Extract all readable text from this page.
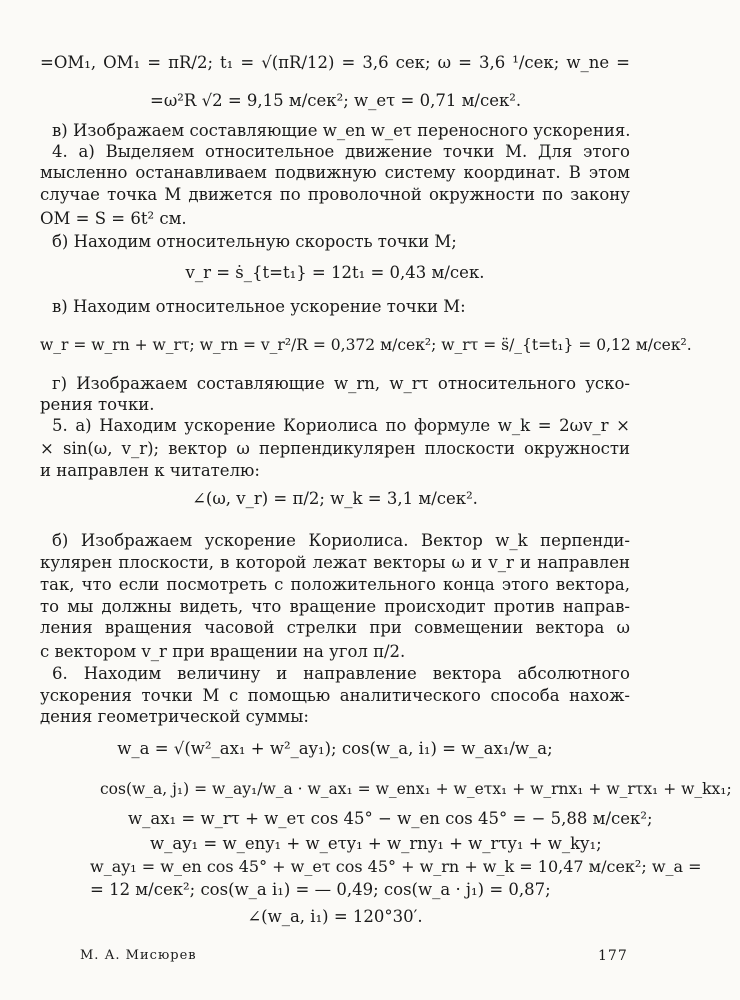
=OM₁, OM₁ = πR/2; t₁ = √(πR/12) = 3,6 сек; ω = 3,6 ¹/сек; w_ne =
=ω²R √2 = 9,15 м/сек²; w_eτ = 0,71 м/сек².
в) Изображаем составляющие w_en w_eτ переносного ускорения.
4. а) Выделяем относительное движение точки М. Для этого
мысленно останавливаем подвижную систему координат. В этом
случае точка М движется по проволочной окружности по закону
OM = S = 6t² см.
б) Находим относительную скорость точки М;
v_r = ṡ_{t=t₁} = 12t₁ = 0,43 м/сек.
в) Находим относительное ускорение точки М:
w_r = w_rn + w_rτ; w_rn = v_r²/R = 0,372 м/сек²; w_rτ = s̈/_{t=t₁} = 0,12 м/сек².
г) Изображаем составляющие w_rn, w_rτ относительного уско-
рения точки.
5. а) Находим ускорение Кориолиса по формуле w_k = 2ωv_r ×
× sin(ω, v_r); вектор ω перпендикулярен плоскости окружности
и направлен к читателю:
∠(ω, v_r) = π/2; w_k = 3,1 м/сек².
б) Изображаем ускорение Кориолиса. Вектор w_k перпенди-
кулярен плоскости, в которой лежат векторы ω и v_r и направлен
так, что если посмотреть с положительного конца этого вектора,
то мы должны видеть, что вращение происходит против направ-
ления вращения часовой стрелки при совмещении вектора ω
с вектором v_r при вращении на угол π/2.
6. Находим величину и направление вектора абсолютного
ускорения точки М с помощью аналитического способа нахож-
дения геометрической суммы:
w_a = √(w²_ax₁ + w²_ay₁); cos(w_a, i₁) = w_ax₁/w_a;
cos(w_a, j₁) = w_ay₁/w_a · w_ax₁ = w_enx₁ + w_eτx₁ + w_rnx₁ + w_rτx₁ + w_kx₁;
w_ax₁ = w_rτ + w_eτ cos 45° − w_en cos 45° = − 5,88 м/сек²;
w_ay₁ = w_eny₁ + w_eτy₁ + w_rny₁ + w_rτy₁ + w_ky₁;
w_ay₁ = w_en cos 45° + w_eτ cos 45° + w_rn + w_k = 10,47 м/сек²; w_a =
= 12 м/сек²; cos(w_a i₁) = — 0,49; cos(w_a · j₁) = 0,87;
∠(w_a, i₁) = 120°30′.
М. А. Мисюрев	177
